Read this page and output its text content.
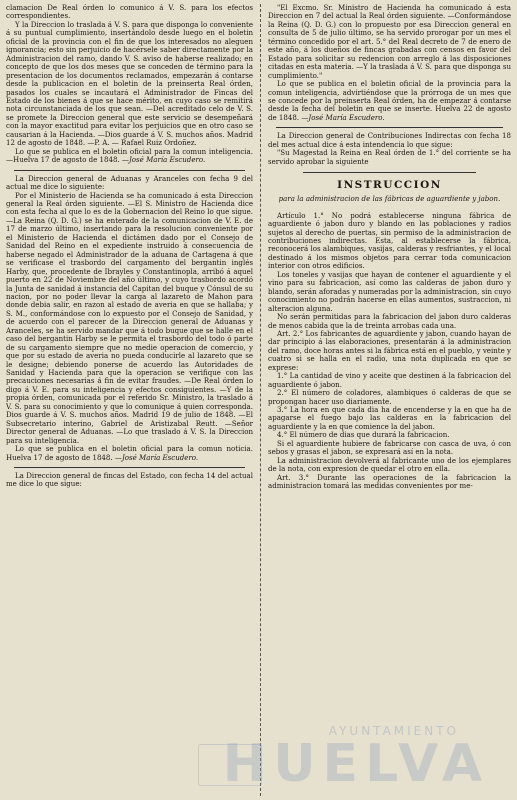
clamacion De Real órden lo comunico á V. S. para los efectos correspondientes.

Y la Direccion lo traslada á V. S. para que disponga lo conveniente á su puntual cumplimiento, insertándolo desde luego en el boletin oficial de la provincia con el fin de que los interesados no aleguen ignorancia; esto sin perjuicio de hacérsele saber directamente por la Administracion del ramo, dando V. S. aviso de haberse realizado; en concepto de que los dos meses que se conceden de término para la presentacion de los documentos reclamados, empezarán á contarse desde la publicacion en el boletin de la preinserta Real órden, pasados los cuales se incautará el Administrador de Fincas del Estado de los bienes á que se hace mérito, en cuyo caso se remitirá nota circunstanciada de los que sean. —Del acreditado celo de V. S. se promete la Direccion general que este servicio se desempeñará con la mayor exactitud para evitar los perjuicios que en otro caso se causarian á la Hacienda. —Dios guarde á V. S. muchos años. Madrid 12 de agosto de 1848. —P. A. — Rafael Ruiz Ordoñez.

Lo que se publica en el boletin oficial para la comun inteligencia. —Huelva 17 de agosto de 1848. —José María Escudero.

La Direccion general de Aduanas y Aranceles con fecha 9 del actual me dice lo siguiente:

Por el Ministerio de Hacienda se ha comunicado á esta Direccion general la Real órden siguiente. —El S. Ministro de Hacienda dice con esta fecha al que lo es de la Gobernacion del Reino lo que sigue. —La Reina (Q. D. G.) se ha enterado de la comunicacion de V. E. de 17 de marzo último, insertando para la resolucion conveniente por el Ministerio de Hacienda el dictámen dado por el Consejo de Sanidad del Reino en el expediente instruido á consecuencia de haberse negado el Administrador de la aduana de Cartagena á que se verificase el trasbordo del cargamento del bergantin inglés Harby, que, procedente de Ibrayles y Constantinopla, arribó á aquel puerto en 22 de Noviembre del año último, y cuyo trasbordo acordó la Junta de sanidad á instancia del Capitan del buque y Cónsul de su nacion, por no poder llevar la carga al lazareto de Mahon para donde debia salir, en razon al estado de averia en que se hallaba; y S. M., conformándose con lo expuesto por el Consejo de Sanidad, y de acuerdo con el parecer de la Direccion general de Aduanas y Aranceles, se ha servido mandar que á todo buque que se halle en el caso del bergantin Harby se le permita el trasbordo del todo ó parte de su cargamento siempre que no medie operacion de comercio, y que por su estado de averia no pueda conducirle al lazareto que se le designe; debiendo ponerse de acuerdo las Autoridades de Sanidad y Hacienda para que la operacion se verifique con las precauciones necesarias á fin de evitar fraudes. —De Real órden lo digo á V. E. para su inteligencia y efectos consiguientes. —Y de la propia órden, comunicada por el referido Sr. Ministro, la traslado á V. S. para su conocimiento y que lo comunique á quien corresponda. Dios guarde á V. S. muchos años. Madrid 19 de julio de 1848. —El Subsecretario interino, Gabriel de Aristizabal Reutt. —Señor Director general de Aduanas. —Lo que traslado á V. S. la Direccion para su inteligencia.

Lo que se publica en el boletin oficial para la comun noticia. Huelva 17 de agosto de 1848. —José María Escudero.

La Direccion general de fincas del Estado, con fecha 14 del actual me dice lo que sigue:

"El Excmo. Sr. Ministro de Hacienda ha comunicado á esta Direccion en 7 del actual la Real órden siguiente. —Conformándose la Reina (Q. D. G.) con lo propuesto por esa Direccion general en consulta de 5 de julio último, se ha servido prorogar por un mes el término concedido por el art. 5.° del Real decreto de 7 de enero de este año, á los dueños de fincas grabadas con censos en favor del Estado para solicitar su redencion con arreglo á las disposiciones citadas en esta materia. —Y la traslada á V. S. para que disponga su cumplimiento."

Lo que se publica en el boletin oficial de la provincia para la comun inteligencia, advirtiéndose que la prórroga de un mes que se concede por la preinserta Real órden, ha de empezar á contarse desde la fecha del boletin en que se inserte. Huelva 22 de agosto de 1848. —José María Escudero.

La Direccion general de Contribuciones Indirectas con fecha 18 del mes actual dice á esta intendencia lo que sigue:

"Su Magestad la Reina en Real órden de 1.° del corriente se ha servido aprobar la siguiente

INSTRUCCION
para la administracion de las fábricas de aguardiente y jabon.

Artículo 1.° No podrá establecerse ninguna fábrica de aguardiente ó jabon duro y blando en las poblaciones y radios sujetos al derecho de puertas, sin permiso de la administracion de contribuciones indirectas. Esta, al establecerse la fábrica, reconocerá los alambiques, vasijas, calderas y resfriantes, y el local destinado á los mismos objetos para cerrar toda comunicacion interior con otros edificios.

Los toneles y vasijas que hayan de contener el aguardiente y el vino para su fabricacion, así como las calderas de jabon duro y blando, serán aforadas y numeradas por la administracion, sin cuyo conocimiento no podrán hacerse en ellas aumentos, sustraccion, ni alteracion alguna.

No serán permitidas para la fabricacion del jabon duro calderas de menos cabida que la de treinta arrobas cada una.

Art. 2.° Los fabricantes de aguardiente y jabon, cuando hayan de dar principio á las elaboraciones, presentarán á la administracion del ramo, doce horas antes si la fábrica está en el pueblo, y veinte y cuatro si se halla en el radio, una nota duplicada en que se exprese:

1.° La cantidad de vino y aceite que destinen á la fabricacion del aguardiente ó jabon.

2.° El número de coladores, alambiques ó calderas de que se propongan hacer uso diariamente.

3.° La hora en que cada dia ha de encenderse y la en que ha de apagarse el fuego bajo las calderas en la fabricacion del aguardiente y la en que comience la del jabon.

4.° El número de dias que durará la fabricacion.

Si el aguardiente hubiere de fabricarse con casca de uva, ó con sebos y grasas el jabon, se expresará así en la nota.

La administracion devolverá al fabricante uno de los ejemplares de la nota, con expresion de quedar el otro en ella.

Art. 3.° Durante las operaciones de la fabricacion la administracion tomará las medidas convenientes por me-

AYUNTAMIENTO
HUELVA
